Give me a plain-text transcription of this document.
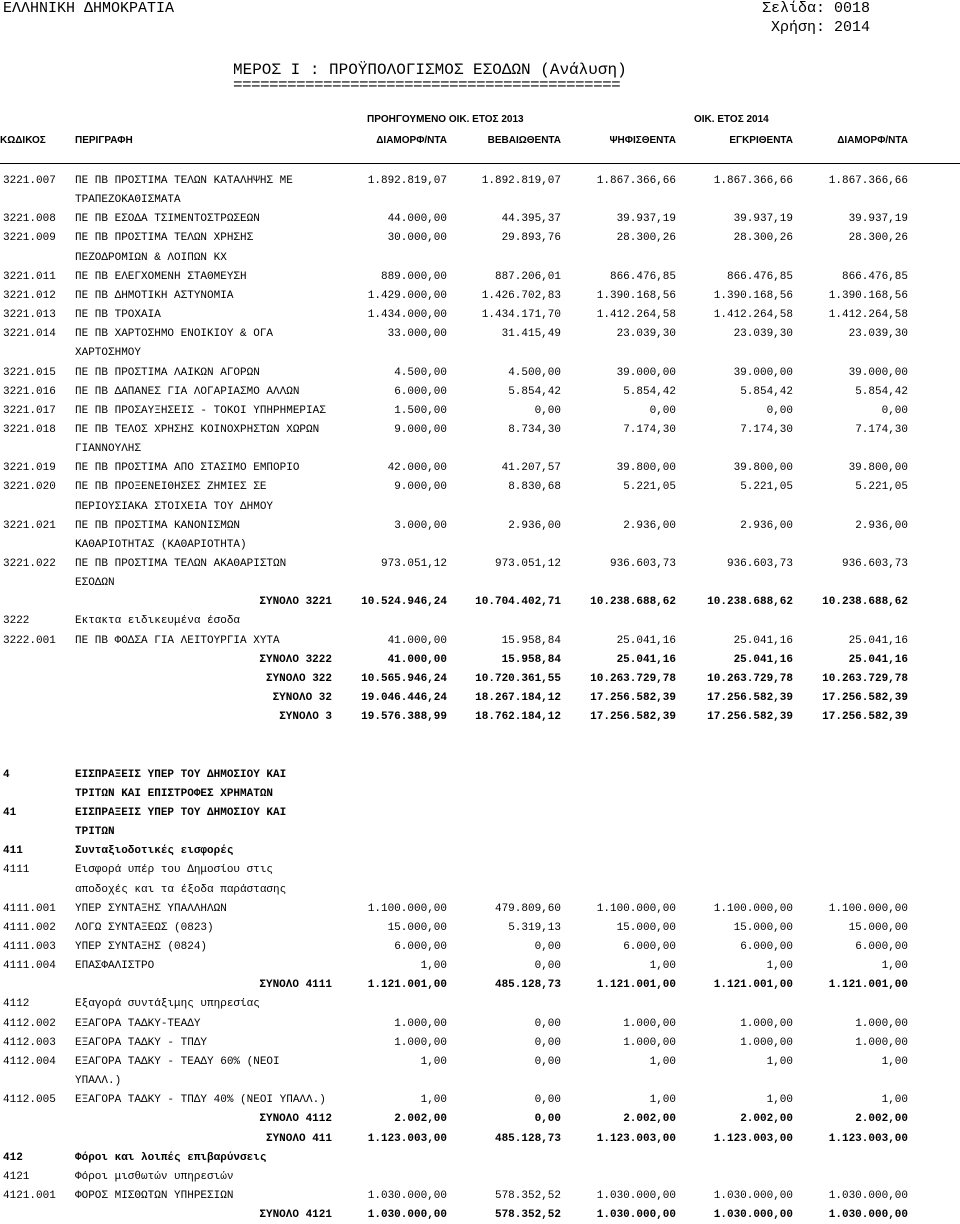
ΕΛΛΗΝΙΚΗ ΔΗΜΟΚΡΑΤΙΑ	Σελίδα: 0018
Χρήση: 2014
ΜΕΡΟΣ Ι : ΠΡΟΫΠΟΛΟΓΙΣΜΟΣ ΕΣΟΔΩΝ (Ανάλυση)
===========================================
ΠΡΟΗΓΟΥΜΕΝΟ ΟΙΚ. ΕΤΟΣ 2013	ΟΙΚ. ΕΤΟΣ 2014
ΚΩΔΙΚΟΣ	ΠΕΡΙΓΡΑΦΗ	ΔΙΑΜΟΡΦ/ΝΤΑ	ΒΕΒΑΙΩΘΕΝΤΑ	ΨΗΦΙΣΘΕΝΤΑ	ΕΓΚΡΙΘΕΝΤΑ	ΔΙΑΜΟΡΦ/ΝΤΑ
3221.007 ΠΕ ΠΒ ΠΡΟΣΤΙΜΑ ΤΕΛΩΝ ΚΑΤΑΛΗΨΗΣ ΜΕ	1.892.819,07	1.892.819,07	1.867.366,66	1.867.366,66	1.867.366,66
ΤΡΑΠΕΖΟΚΑΘΙΣΜΑΤΑ
3221.008 ΠΕ ΠΒ ΕΣΟΔΑ ΤΣΙΜΕΝΤΟΣΤΡΩΣΕΩΝ	44.000,00	44.395,37	39.937,19	39.937,19	39.937,19
3221.009 ΠΕ ΠΒ ΠΡΟΣΤΙΜΑ ΤΕΛΩΝ ΧΡΗΣΗΣ	30.000,00	29.893,76	28.300,26	28.300,26	28.300,26
ΠΕΖΟΔΡΟΜΙΩΝ & ΛΟΙΠΩΝ ΚΧ
3221.011 ΠΕ ΠΒ ΕΛΕΓΧΟΜΕΝΗ ΣΤΑΘΜΕΥΣΗ	889.000,00	887.206,01	866.476,85	866.476,85	866.476,85
3221.012 ΠΕ ΠΒ ΔΗΜΟΤΙΚΗ ΑΣΤΥΝΟΜΙΑ	1.429.000,00	1.426.702,83	1.390.168,56	1.390.168,56	1.390.168,56
3221.013 ΠΕ ΠΒ ΤΡΟΧΑΙΑ	1.434.000,00	1.434.171,70	1.412.264,58	1.412.264,58	1.412.264,58
3221.014 ΠΕ ΠΒ ΧΑΡΤΟΣΗΜΟ ΕΝΟΙΚΙΟΥ & ΟΓΑ	33.000,00	31.415,49	23.039,30	23.039,30	23.039,30
ΧΑΡΤΟΣΗΜΟΥ
3221.015 ΠΕ ΠΒ ΠΡΟΣΤΙΜΑ ΛΑΙΚΩΝ ΑΓΟΡΩΝ	4.500,00	4.500,00	39.000,00	39.000,00	39.000,00
3221.016 ΠΕ ΠΒ ΔΑΠΑΝΕΣ ΓΙΑ ΛΟΓΑΡΙΑΣΜΟ ΑΛΛΩΝ	6.000,00	5.854,42	5.854,42	5.854,42	5.854,42
3221.017 ΠΕ ΠΒ ΠΡΟΣΑΥΞΗΣΕΙΣ - ΤΟΚΟΙ ΥΠΗΡΗΜΕΡΙΑΣ	1.500,00	0,00	0,00	0,00	0,00
3221.018 ΠΕ ΠΒ ΤΕΛΟΣ ΧΡΗΣΗΣ ΚΟΙΝΟΧΡΗΣΤΩΝ ΧΩΡΩΝ	9.000,00	8.734,30	7.174,30	7.174,30	7.174,30
ΓΙΑΝΝΟΥΛΗΣ
3221.019 ΠΕ ΠΒ ΠΡΟΣΤΙΜΑ ΑΠΟ ΣΤΑΣΙΜΟ ΕΜΠΟΡΙΟ	42.000,00	41.207,57	39.800,00	39.800,00	39.800,00
3221.020 ΠΕ ΠΒ ΠΡΟΞΕΝΕΙΘΗΣΕΣ ΖΗΜΙΕΣ ΣΕ	9.000,00	8.830,68	5.221,05	5.221,05	5.221,05
ΠΕΡΙΟΥΣΙΑΚΑ ΣΤΟΙΧΕΙΑ ΤΟΥ ΔΗΜΟΥ
3221.021 ΠΕ ΠΒ ΠΡΟΣΤΙΜΑ ΚΑΝΟΝΙΣΜΩΝ	3.000,00	2.936,00	2.936,00	2.936,00	2.936,00
ΚΑΘΑΡΙΟΤΗΤΑΣ (ΚΑΘΑΡΙΟΤΗΤΑ)
3221.022 ΠΕ ΠΒ ΠΡΟΣΤΙΜΑ ΤΕΛΩΝ ΑΚΑΘΑΡΙΣΤΩΝ	973.051,12	973.051,12	936.603,73	936.603,73	936.603,73
ΕΣΟΔΩΝ
ΣΥΝΟΛΟ 3221	10.524.946,24	10.704.402,71	10.238.688,62	10.238.688,62	10.238.688,62
3222	Εκτακτα ειδικευμένα έσοδα
3222.001 ΠΕ ΠΒ ΦΟΔΣΑ ΓΙΑ ΛΕΙΤΟΥΡΓΙΑ ΧΥΤΑ	41.000,00	15.958,84	25.041,16	25.041,16	25.041,16
ΣΥΝΟΛΟ 3222	41.000,00	15.958,84	25.041,16	25.041,16	25.041,16
ΣΥΝΟΛΟ 322	10.565.946,24	10.720.361,55	10.263.729,78	10.263.729,78	10.263.729,78
ΣΥΝΟΛΟ 32	19.046.446,24	18.267.184,12	17.256.582,39	17.256.582,39	17.256.582,39
ΣΥΝΟΛΟ 3	19.576.388,99	18.762.184,12	17.256.582,39	17.256.582,39	17.256.582,39
4	ΕΙΣΠΡΑΞΕΙΣ ΥΠΕΡ ΤΟΥ ΔΗΜΟΣΙΟΥ ΚΑΙ
ΤΡΙΤΩΝ ΚΑΙ ΕΠΙΣΤΡΟΦΕΣ ΧΡΗΜΑΤΩΝ
41	ΕΙΣΠΡΑΞΕΙΣ ΥΠΕΡ ΤΟΥ ΔΗΜΟΣΙΟΥ ΚΑΙ
ΤΡΙΤΩΝ
411	Συνταξιοδοτικές εισφορές
4111	Εισφορά υπέρ του Δημοσίου στις
αποδοχές και τα έξοδα παράστασης
4111.001 ΥΠΕΡ ΣΥΝΤΑΞΗΣ ΥΠΑΛΛΗΛΩΝ	1.100.000,00	479.809,60	1.100.000,00	1.100.000,00	1.100.000,00
4111.002 ΛΟΓΩ ΣΥΝΤΑΞΕΩΣ (0823)	15.000,00	5.319,13	15.000,00	15.000,00	15.000,00
4111.003 ΥΠΕΡ ΣΥΝΤΑΞΗΣ (0824)	6.000,00	0,00	6.000,00	6.000,00	6.000,00
4111.004 ΕΠΑΣΦΑΛΙΣΤΡΟ	1,00	0,00	1,00	1,00	1,00
ΣΥΝΟΛΟ 4111	1.121.001,00	485.128,73	1.121.001,00	1.121.001,00	1.121.001,00
4112	Εξαγορά συντάξιμης υπηρεσίας
4112.002 ΕΞΑΓΟΡΑ ΤΑΔΚΥ-ΤΕΑΔΥ	1.000,00	0,00	1.000,00	1.000,00	1.000,00
4112.003 ΕΞΑΓΟΡΑ ΤΑΔΚΥ - ΤΠΔΥ	1.000,00	0,00	1.000,00	1.000,00	1.000,00
4112.004 ΕΞΑΓΟΡΑ ΤΑΔΚΥ - ΤΕΑΔΥ 60% (ΝΕΟΙ	1,00	0,00	1,00	1,00	1,00
ΥΠΑΛΛ.)
4112.005 ΕΞΑΓΟΡΑ ΤΑΔΚΥ - ΤΠΔΥ 40% (ΝΕΟΙ ΥΠΑΛΛ.)	1,00	0,00	1,00	1,00	1,00
ΣΥΝΟΛΟ 4112	2.002,00	0,00	2.002,00	2.002,00	2.002,00
ΣΥΝΟΛΟ 411	1.123.003,00	485.128,73	1.123.003,00	1.123.003,00	1.123.003,00
412	Φόροι και λοιπές επιβαρύνσεις
4121	Φόροι μισθωτών υπηρεσιών
4121.001 ΦΟΡΟΣ ΜΙΣΘΩΤΩΝ ΥΠΗΡΕΣΙΩΝ	1.030.000,00	578.352,52	1.030.000,00	1.030.000,00	1.030.000,00
ΣΥΝΟΛΟ 4121	1.030.000,00	578.352,52	1.030.000,00	1.030.000,00	1.030.000,00
